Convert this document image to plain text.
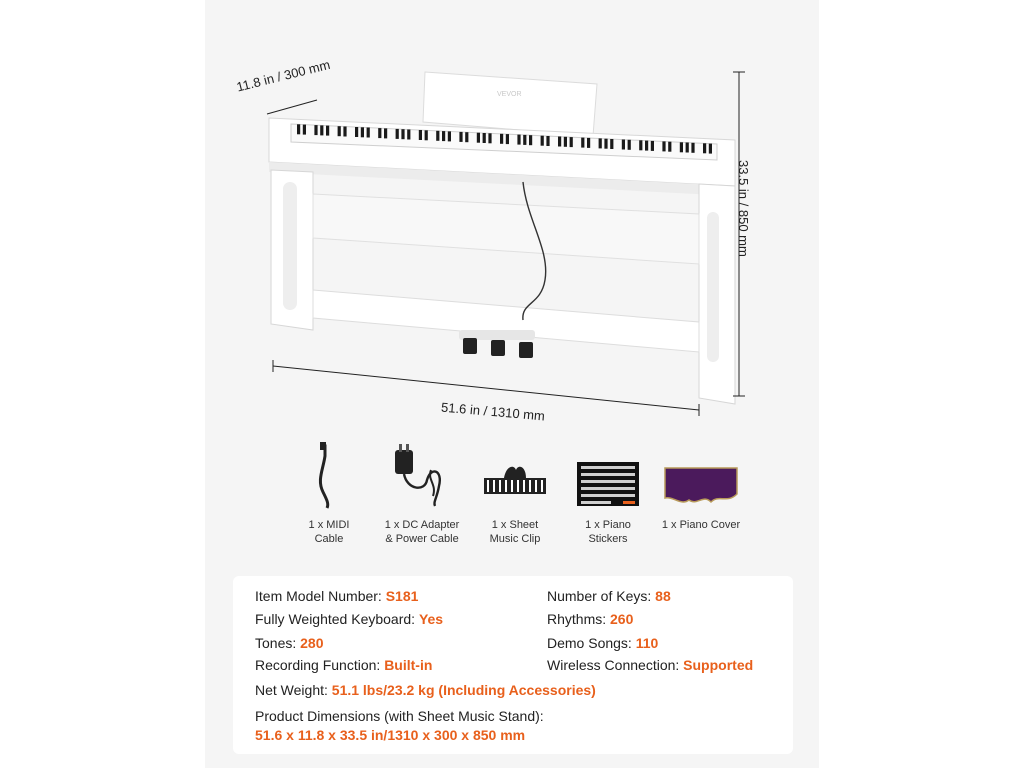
VEVOR
11.8 in / 300 mm
33.5 in / 850 mm
51.6 in / 1310 mm
1 x MIDI
Cable
1 x DC Adapter
& Power Cable
1 x Sheet
Music Clip
1 x Piano
Stickers
1 x Piano Cover
Item Model Number: S181	Number of Keys: 88
Fully Weighted Keyboard: Yes	Rhythms: 260
Tones: 280	Demo Songs: 110
Recording Function: Built-in	Wireless Connection: Supported
Net Weight: 51.1 lbs/23.2 kg (Including Accessories)
Product Dimensions (with Sheet Music Stand):
51.6 x 11.8 x 33.5 in/1310 x 300 x 850 mm
